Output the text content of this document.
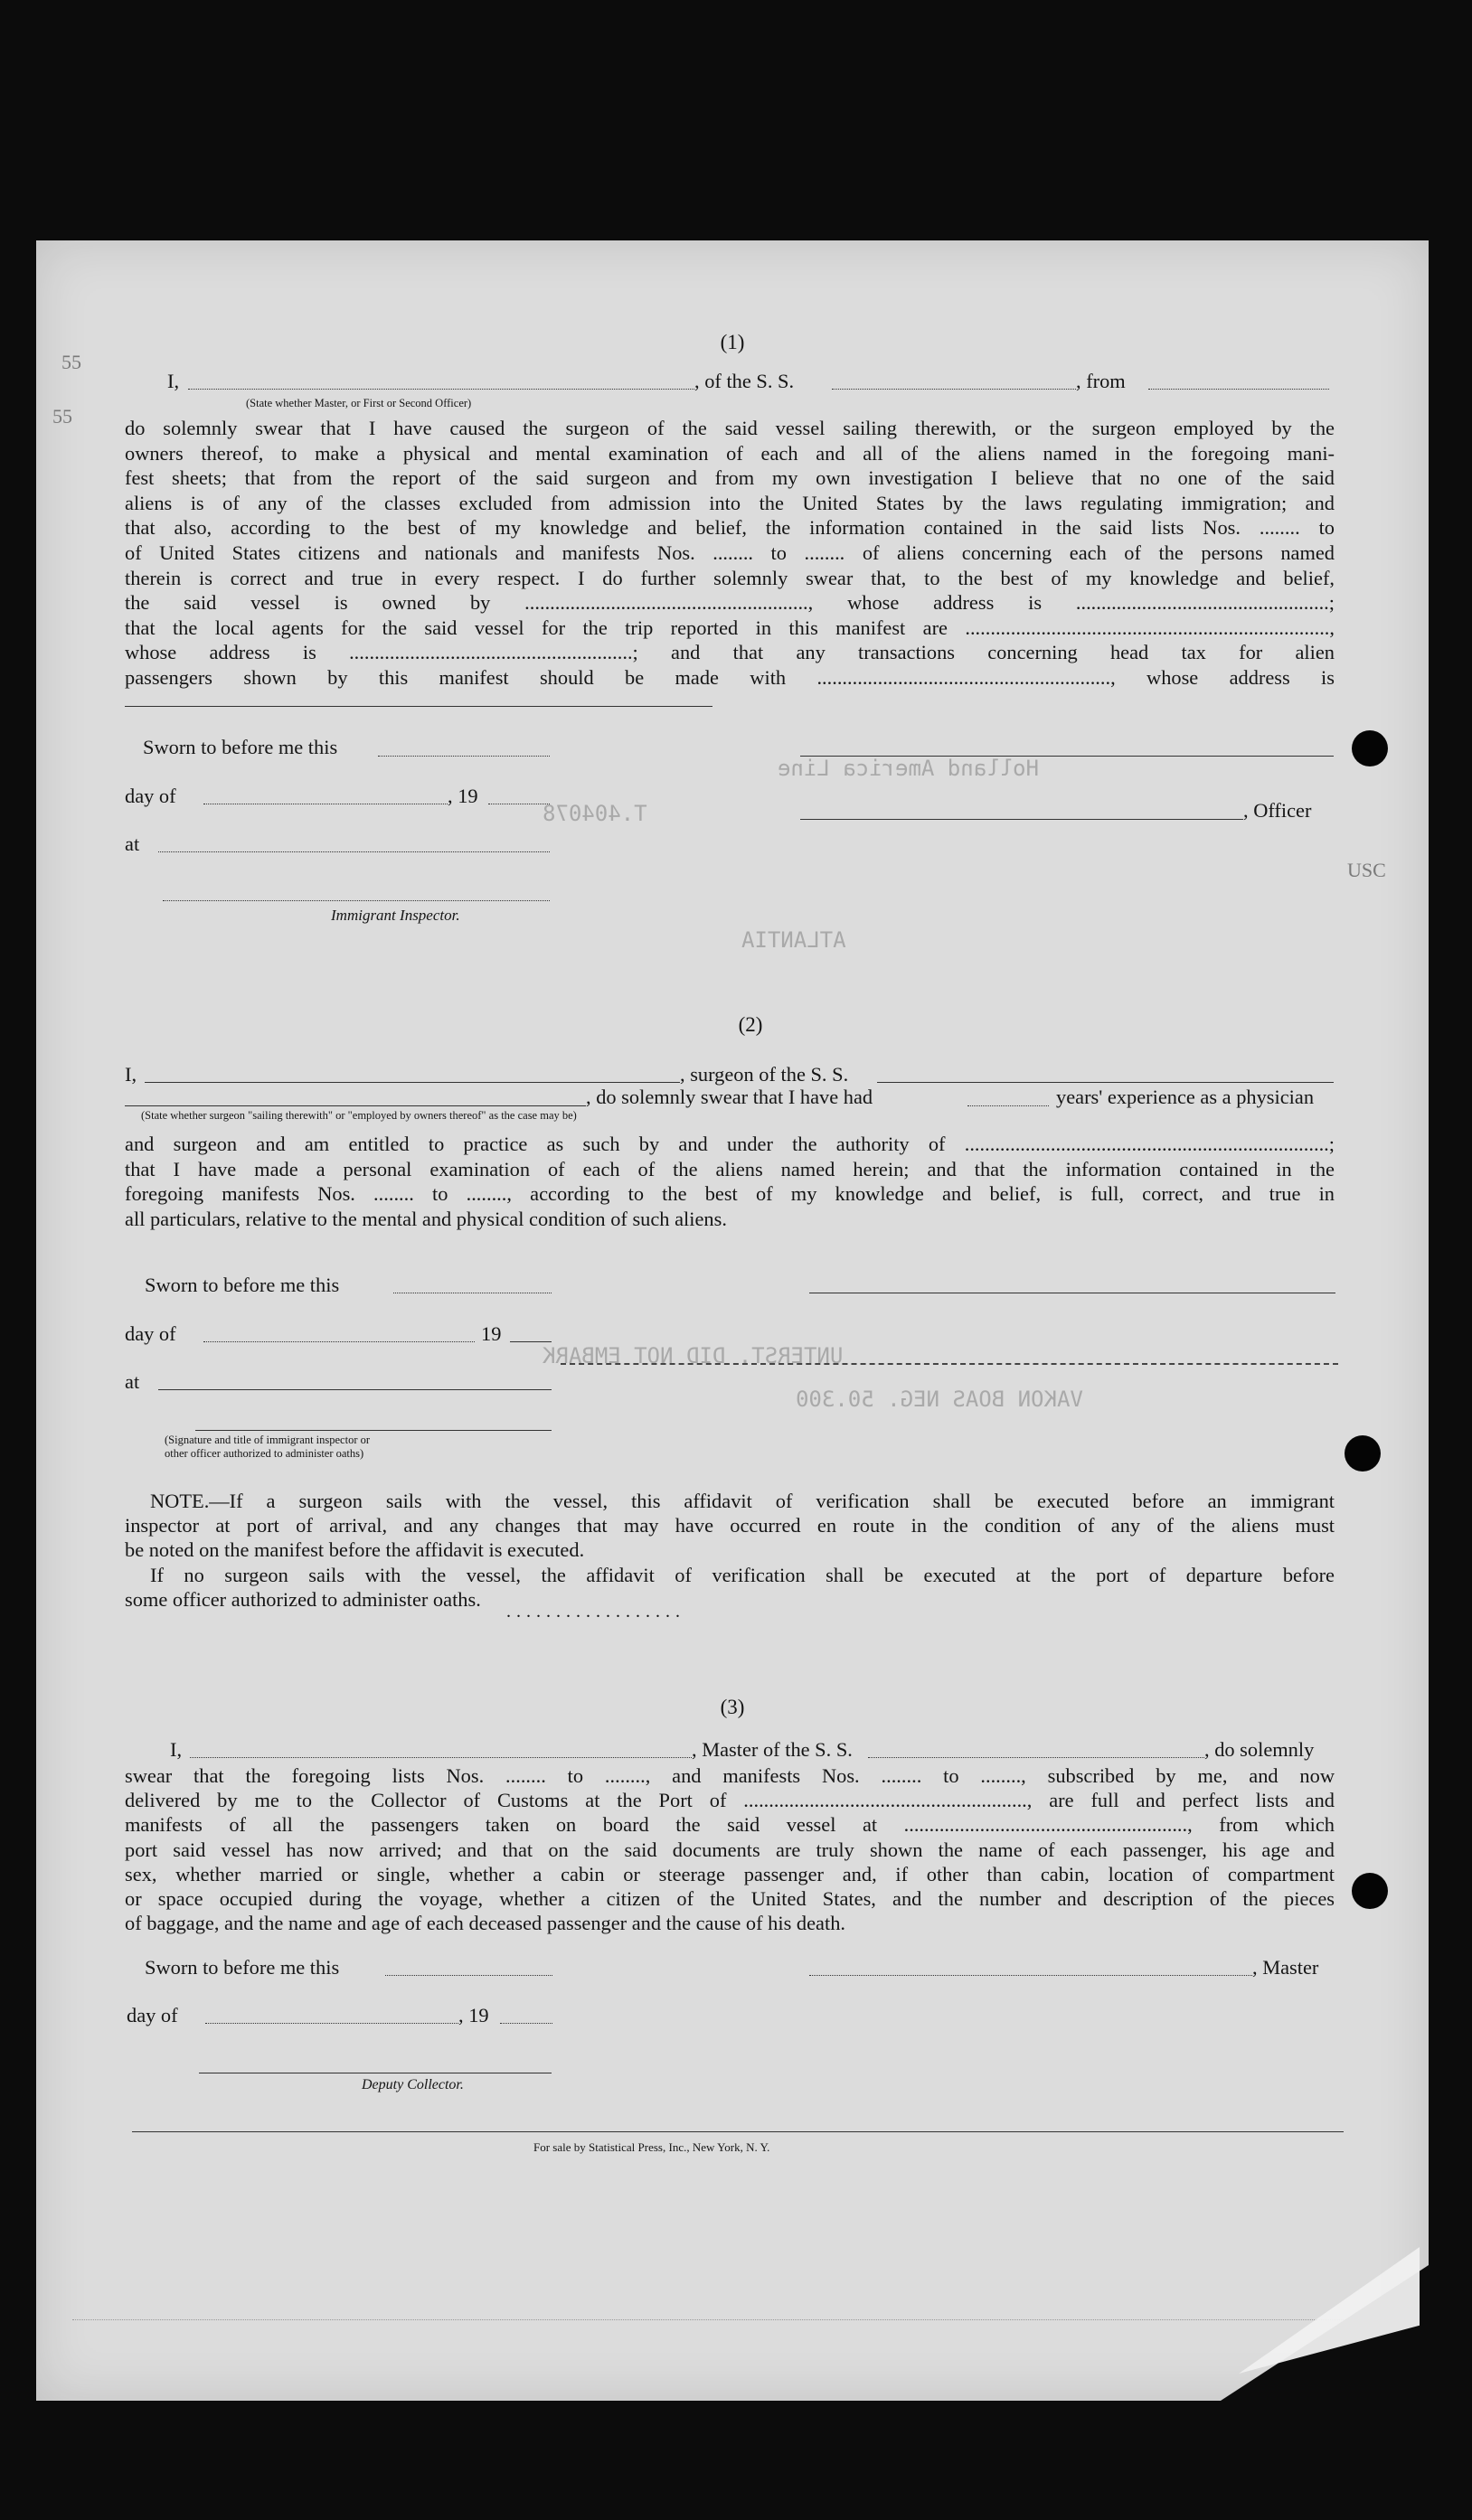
Holland America Line
T.404078
ATLANTIA
UNTERST. DID NOT EMBARK
VAKON BOAS NEG. 50.300
(1)
I,	, of the S. S.	, from
(State whether Master, or First or Second Officer)
do solemnly swear that I have caused the surgeon of the said vessel sailing therewith, or the surgeon employed by the
owners thereof, to make a physical and mental examination of each and all of the aliens named in the foregoing mani-
fest sheets; that from the report of the said surgeon and from my own investigation I believe that no one of the said
aliens is of any of the classes excluded from admission into the United States by the laws regulating immigration; and
that also, according to the best of my knowledge and belief, the information contained in the said lists Nos. ........ to
of United States citizens and nationals and manifests Nos. ........ to ........ of aliens concerning each of the persons named
therein is correct and true in every respect. I do further solemnly swear that, to the best of my knowledge and belief,
the said vessel is owned by ........................................................, whose address is ..................................................;
that the local agents for the said vessel for the trip reported in this manifest are ........................................................................,
whose address is ........................................................; and that any transactions concerning head tax for alien
passengers shown by this manifest should be made with .........................................................., whose address is
Sworn to before me this
day of	, 19
, Officer
at
Immigrant Inspector.
(2)
I,	, surgeon of the S. S.
, do solemnly swear that I have had	years' experience as a physician
(State whether surgeon "sailing therewith" or "employed by owners thereof" as the case may be)
and surgeon and am entitled to practice as such by and under the authority of ........................................................................;
that I have made a personal examination of each of the aliens named herein; and that the information contained in the
foregoing manifests Nos. ........ to ........, according to the best of my knowledge and belief, is full, correct, and true in
all particulars, relative to the mental and physical condition of such aliens.
Sworn to before me this
day of	19
at
(Signature and title of immigrant inspector or
other officer authorized to administer oaths)
NOTE.—If a surgeon sails with the vessel, this affidavit of verification shall be executed before an immigrant
inspector at port of arrival, and any changes that may have occurred en route in the condition of any of the aliens must
be noted on the manifest before the affidavit is executed.
If no surgeon sails with the vessel, the affidavit of verification shall be executed at the port of departure before
some officer authorized to administer oaths.
..................
(3)
I,	, Master of the S. S.	, do solemnly
swear that the foregoing lists Nos. ........ to ........, and manifests Nos. ........ to ........, subscribed by me, and now
delivered by me to the Collector of Customs at the Port of ........................................................, are full and perfect lists and
manifests of all the passengers taken on board the said vessel at ........................................................, from which
port said vessel has now arrived; and that on the said documents are truly shown the name of each passenger, his age and
sex, whether married or single, whether a cabin or steerage passenger and, if other than cabin, location of compartment
or space occupied during the voyage, whether a citizen of the United States, and the number and description of the pieces
of baggage, and the name and age of each deceased passenger and the cause of his death.
Sworn to before me this	, Master
day of	, 19
Deputy Collector.
For sale by Statistical Press, Inc., New York, N. Y.
55
55
USC
